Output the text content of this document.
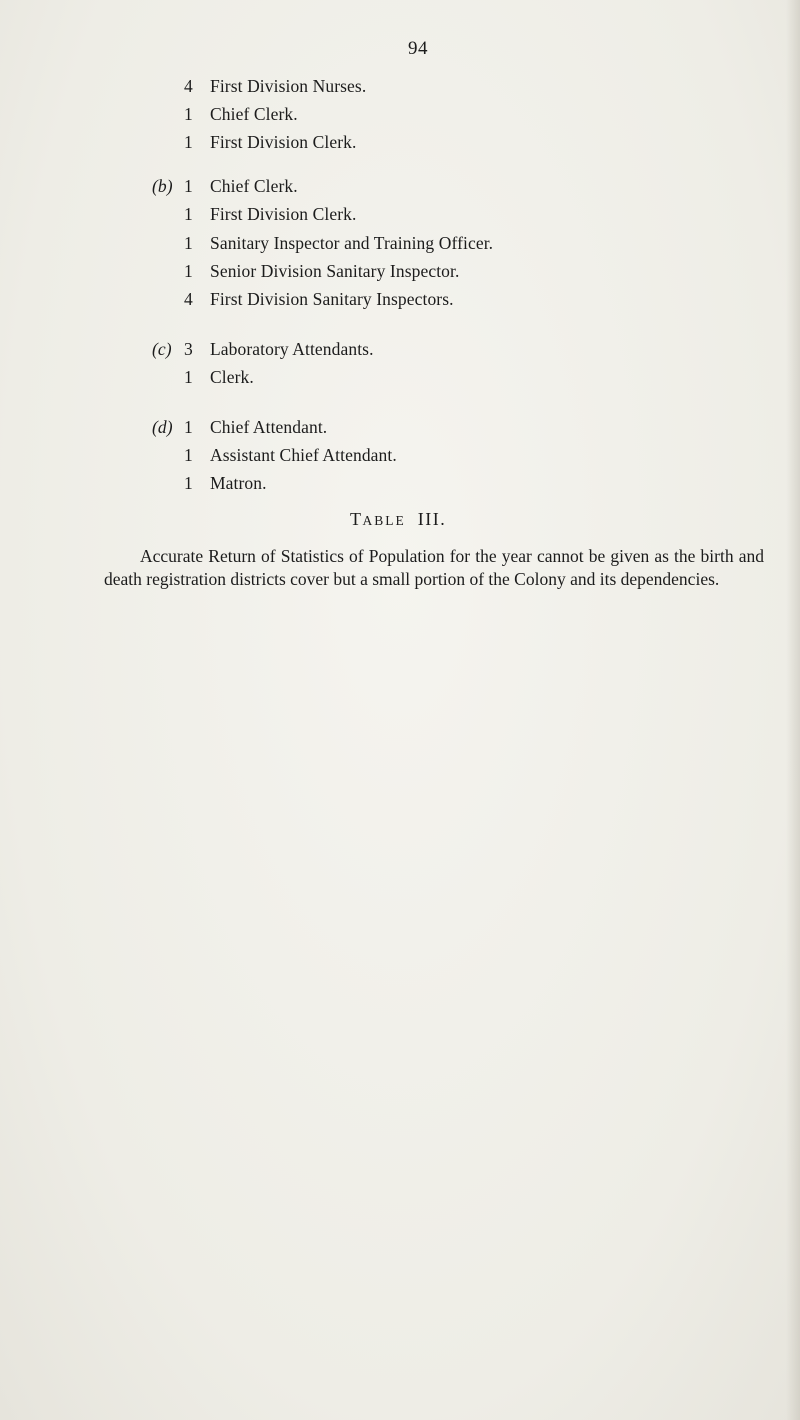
94
4 First Division Nurses.
1 Chief Clerk.
1 First Division Clerk.
(b) 1 Chief Clerk.
1 First Division Clerk.
1 Sanitary Inspector and Training Officer.
1 Senior Division Sanitary Inspector.
4 First Division Sanitary Inspectors.
(c) 3 Laboratory Attendants.
1 Clerk.
(d) 1 Chief Attendant.
1 Assistant Chief Attendant.
1 Matron.
TABLE III.
Accurate Return of Statistics of Population for the year cannot be given as the birth and death registration districts cover but a small portion of the Colony and its dependencies.
